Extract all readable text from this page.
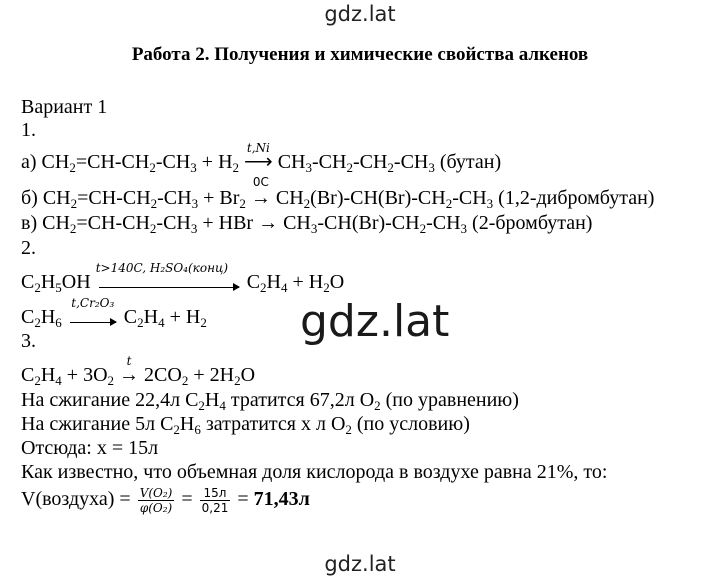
gdz.lat
Работа 2. Получения и химические свойства алкенов
Вариант 1
1.
а) $CH_2=CH-CH_2-CH_3 + H_2$
t,Ni
⟶ $CH_3-CH_2-CH_2-CH_3$ (бутан)
б) $CH_2=CH-CH_2-CH_3 + Br_2$
0C
→ $CH_2(Br)-CH(Br)-CH_2-CH_3$ (1,2-дибромбутан)
в) $CH_2=CH-CH_2-CH_3$ + HBr → $CH_3-CH(Br)-CH_2-CH_3$ (2-бромбутан)
2.
$C_2H_5OH$
t>140C, H₂SO₄(конц)
$C_2H_4 + H_2O$
$C_2H_6$
t,Cr₂O₃
$C_2H_4 + H_2$
3.
$C_2H_4 + 3O_2$
t
→ $2CO_2 + 2H_2O$
На сжигание 22,4л $C_2H_4$ тратится 67,2л $O_2$ (по уравнению)
На сжигание 5л $C_2H_6$ затратится x л $O_2$ (по условию)
Отсюда: x = 15л
Как известно, что объемная доля кислорода в воздухе равна 21%, то:
V(воздуха) = $\frac{\text{V(O₂)}}{\text{φ(O₂)}} = \frac{15л}{0,21} = 71,43л$
gdz.lat
gdz.lat
